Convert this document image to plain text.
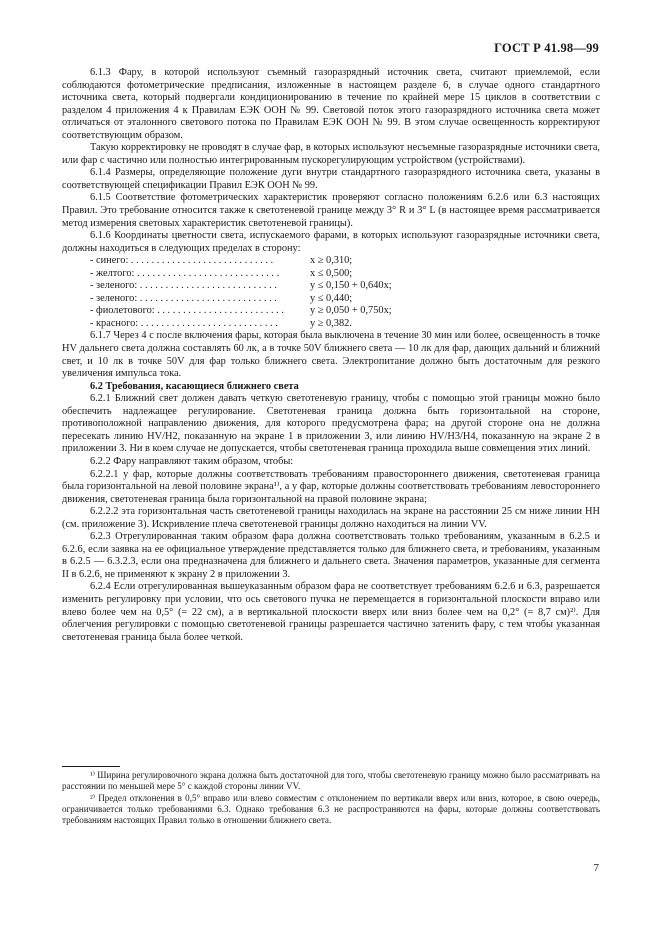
ГОСТ Р 41.98—99

6.1.3 Фару, в которой используют съемный газоразрядный источник света, считают приемлемой, если соблюдаются фотометрические предписания, изложенные в настоящем разделе 6, в случае одного стандартного источника света, который подвергали кондиционированию в течение по крайней мере 15 циклов в соответствии с разделом 4 приложения 4 к Правилам ЕЭК ООН № 99. Световой поток этого газоразрядного источника света может отличаться от эталонного светового потока по Правилам ЕЭК ООН № 99. В этом случае освещенность корректируют соответствующим образом.

Такую корректировку не проводят в случае фар, в которых используют несъемные газоразрядные источники света, или фар с частично или полностью интегрированным пускорегулирующим устройством (устройствами).

6.1.4 Размеры, определяющие положение дуги внутри стандартного газоразрядного источника света, указаны в соответствующей спецификации Правил ЕЭК ООН № 99.

6.1.5 Соответствие фотометрических характеристик проверяют согласно положениям 6.2.6 или 6.3 настоящих Правил. Это требование относится также к светотеневой границе между 3° R и 3° L (в настоящее время рассматривается метод измерения световых характеристик светотеневой границы).

6.1.6 Координаты цветности света, испускаемого фарами, в которых используют газоразрядные источники света, должны находиться в следующих пределах в сторону:

- синего: . . . . . . . . . . . . . . . . . . . . . . . . . . . .	x ≥ 0,310;
- желтого: . . . . . . . . . . . . . . . . . . . . . . . . . . . .	x ≤ 0,500;
- зеленого: . . . . . . . . . . . . . . . . . . . . . . . . . . .	y ≤ 0,150 + 0,640x;
- зеленого: . . . . . . . . . . . . . . . . . . . . . . . . . . .	y ≤ 0,440;
- фиолетового: . . . . . . . . . . . . . . . . . . . . . . . . .	y ≥ 0,050 + 0,750x;
- красного: . . . . . . . . . . . . . . . . . . . . . . . . . . .	y ≥ 0,382.

6.1.7 Через 4 с после включения фары, которая была выключена в течение 30 мин или более, освещенность в точке HV дальнего света должна составлять 60 лк, а в точке 50V ближнего света — 10 лк для фар, дающих дальний и ближний свет, и 10 лк в точке 50V для фар только ближнего света. Электропитание должно быть достаточным для резкого увеличения импульса тока.

6.2 Требования, касающиеся ближнего света

6.2.1 Ближний свет должен давать четкую светотеневую границу, чтобы с помощью этой границы можно было обеспечить надлежащее регулирование. Светотеневая граница должна быть горизонтальной на стороне, противоположной направлению движения, для которого предусмотрена фара; на другой стороне она не должна пересекать линию HV/H2, показанную на экране 1 в приложении 3, или линию HV/H3/H4, показанную на экране 2 в приложении 3. Ни в коем случае не допускается, чтобы светотеневая граница проходила выше совмещения этих линий.

6.2.2 Фару направляют таким образом, чтобы:

6.2.2.1 у фар, которые должны соответствовать требованиям правостороннего движения, светотеневая граница была горизонтальной на левой половине экрана¹⁾, а у фар, которые должны соответствовать требованиям левостороннего движения, светотеневая граница была горизонтальной на правой половине экрана;

6.2.2.2 эта горизонтальная часть светотеневой границы находилась на экране на расстоянии 25 см ниже линии HH (см. приложение 3). Искривление плеча светотеневой границы должно находиться на линии VV.

6.2.3 Отрегулированная таким образом фара должна соответствовать только требованиям, указанным в 6.2.5 и 6.2.6, если заявка на ее официальное утверждение представляется только для ближнего света, и требованиям, указанным в 6.2.5 — 6.3.2.3, если она предназначена для ближнего и дальнего света. Значения параметров, указанные для сегмента II в 6.2.6, не применяют к экрану 2 в приложении 3.

6.2.4 Если отрегулированная вышеуказанным образом фара не соответствует требованиям 6.2.6 и 6.3, разрешается изменить регулировку при условии, что ось светового пучка не перемещается в горизонтальной плоскости вправо или влево более чем на 0,5° (= 22 см), а в вертикальной плоскости вверх или вниз более чем на 0,2° (= 8,7 см)²⁾. Для облегчения регулировки с помощью светотеневой границы разрешается частично затенить фару, с тем чтобы указанная светотеневая граница была более четкой.

¹⁾ Ширина регулировочного экрана должна быть достаточной для того, чтобы светотеневую границу можно было рассматривать на расстоянии по меньшей мере 5° с каждой стороны линии VV.

²⁾ Предел отклонения в 0,5° вправо или влево совместим с отклонением по вертикали вверх или вниз, которое, в свою очередь, ограничивается только требованиями 6.3. Однако требования 6.3 не распространяются на фары, которые должны соответствовать требованиям настоящих Правил только в отношении ближнего света.

7
